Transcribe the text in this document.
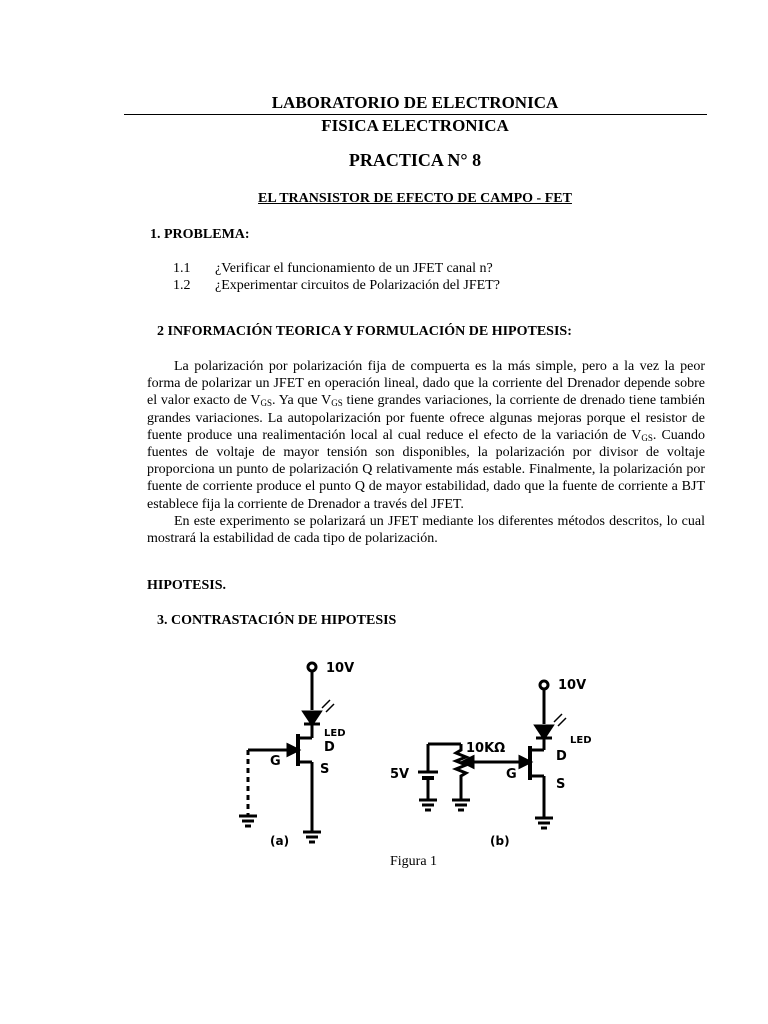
LABORATORIO DE ELECTRONICA
FISICA ELECTRONICA
PRACTICA N° 8
EL TRANSISTOR DE EFECTO DE CAMPO - FET
1. PROBLEMA:
1.1 ¿Verificar el funcionamiento de un JFET canal n?
1.2 ¿Experimentar circuitos de Polarización del JFET?
2 INFORMACIÓN TEORICA Y FORMULACIÓN DE HIPOTESIS:

La polarización por polarización fija de compuerta es la más simple, pero a la vez la peor forma de polarizar un JFET en operación lineal, dado que la corriente del Drenador depende sobre el valor exacto de $V_{GS}$. Ya que $V_{GS}$ tiene grandes variaciones, la corriente de drenado tiene también grandes variaciones. La autopolarización por fuente ofrece algunas mejoras porque el resistor de fuente produce una realimentación local al cual reduce el efecto de la variación de $V_{GS}$. Cuando fuentes de voltaje de mayor tensión son disponibles, la polarización por divisor de voltaje proporciona un punto de polarización Q relativamente más estable. Finalmente, la polarización por fuente de corriente produce el punto Q de mayor estabilidad, dado que la fuente de corriente a BJT establece fija la corriente de Drenador a través del JFET.

En este experimento se polarizará un JFET mediante los diferentes métodos descritos, lo cual mostrará la estabilidad de cada tipo de polarización.

HIPOTESIS.
3. CONTRASTACIÓN DE HIPOTESIS
10V
LED
D
G
S
(a)
10V
LED
D
G
S
10KΩ
5V
(b)
Figura 1
